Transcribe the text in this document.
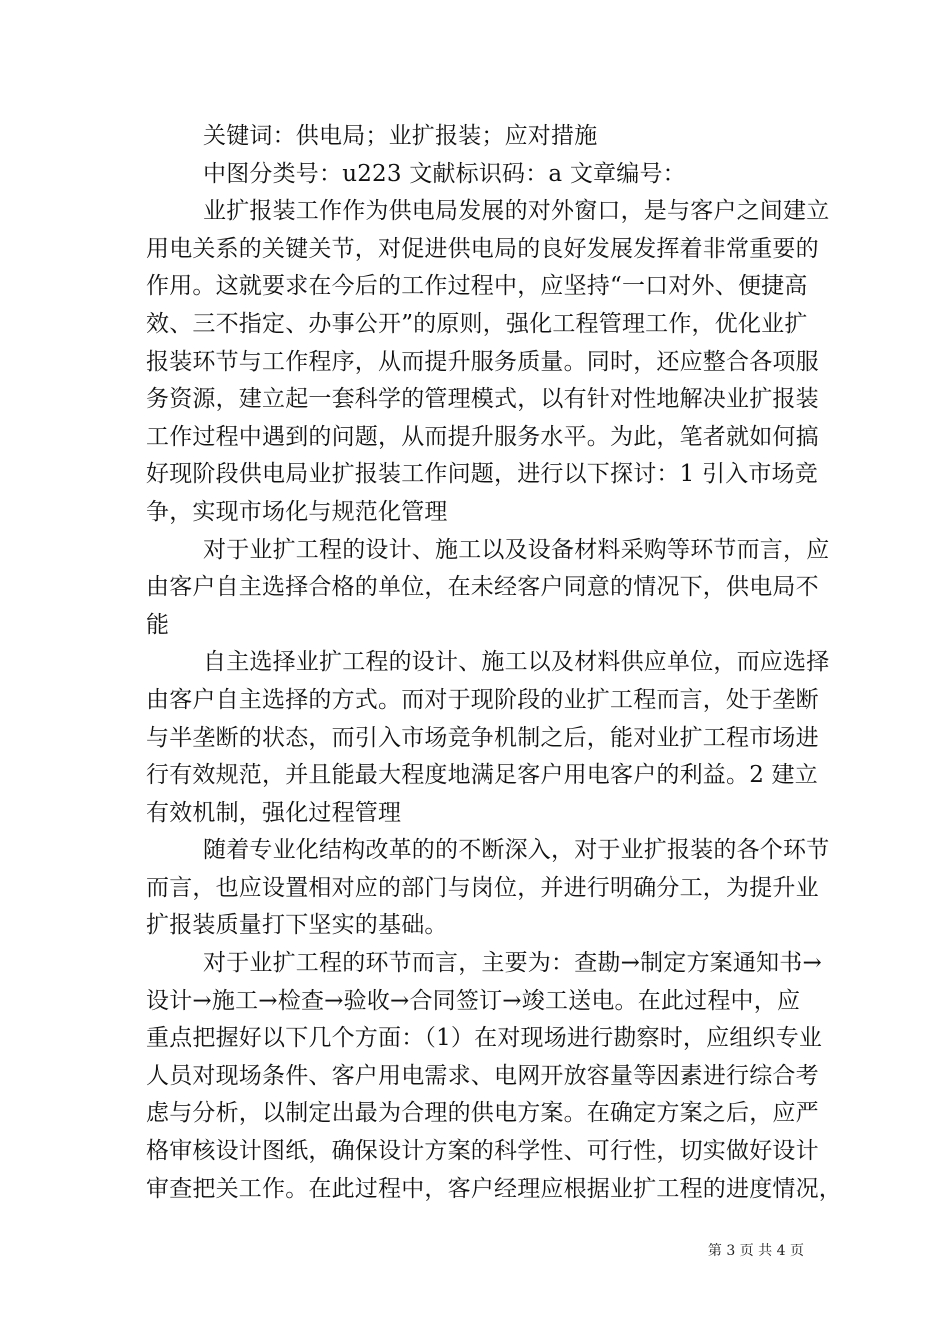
关键词：供电局；业扩报装；应对措施
中图分类号：u223 文献标识码：a 文章编号：
业扩报装工作作为供电局发展的对外窗口，是与客户之间建立
用电关系的关键关节，对促进供电局的良好发展发挥着非常重要的
作用。这就要求在今后的工作过程中，应坚持“一口对外、便捷高
效、三不指定、办事公开”的原则，强化工程管理工作，优化业扩
报装环节与工作程序，从而提升服务质量。同时，还应整合各项服
务资源，建立起一套科学的管理模式，以有针对性地解决业扩报装
工作过程中遇到的问题，从而提升服务水平。为此，笔者就如何搞
好现阶段供电局业扩报装工作问题，进行以下探讨：1 引入市场竞
争，实现市场化与规范化管理
对于业扩工程的设计、施工以及设备材料采购等环节而言，应
由客户自主选择合格的单位，在未经客户同意的情况下，供电局不
能
自主选择业扩工程的设计、施工以及材料供应单位，而应选择
由客户自主选择的方式。而对于现阶段的业扩工程而言，处于垄断
与半垄断的状态，而引入市场竞争机制之后，能对业扩工程市场进
行有效规范，并且能最大程度地满足客户用电客户的利益。2 建立
有效机制，强化过程管理
随着专业化结构改革的的不断深入，对于业扩报装的各个环节
而言，也应设置相对应的部门与岗位，并进行明确分工，为提升业
扩报装质量打下坚实的基础。
对于业扩工程的环节而言，主要为：查勘→制定方案通知书→
设计→施工→检查→验收→合同签订→竣工送电。在此过程中，应
重点把握好以下几个方面：（1）在对现场进行勘察时，应组织专业
人员对现场条件、客户用电需求、电网开放容量等因素进行综合考
虑与分析，以制定出最为合理的供电方案。在确定方案之后，应严
格审核设计图纸，确保设计方案的科学性、可行性，切实做好设计
审查把关工作。在此过程中，客户经理应根据业扩工程的进度情况，
第 3 页 共 4 页
